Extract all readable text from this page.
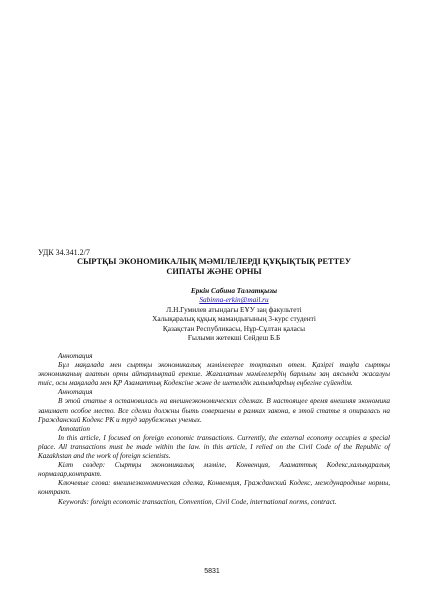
УДК 34.341.2/7
СЫРТҚЫ ЭКОНОМИКАЛЫҚ МӘМІЛЕЛЕРДІ ҚҰҚЫҚТЫҚ РЕТТЕУ
СИПАТЫ ЖӘНЕ ОРНЫ
Еркін Сабина Талғатқызы
Sabinna-erkin@mail.ru
Л.Н.Гумилев атындағы ЕҰУ заң факультеті
Халықаралық құқық мамандығының 3-курс студенті
Қазақстан Республикасы, Нұр-Сұлтан қаласы
Ғылыми жетекші Сейдеш Б.Б
Аннотация

Бұл мақалада мен сыртқы экономикалық мәмілелерге тоқталып өтем. Қазіргі таңда сыртқы экономиканың алатын орны айтарлықтай ерекше. Жағалатын мәмілелердің барлығы заң аясында жасалуы тиіс, осы мақалада мен ҚР Азаматтық Кодексіне және де шетелдік ғалымдардың еңбегіне сүйендім.

Аннотация

В этой статье я остановилась на внешнеэкономических сделках. В настоящее время внешняя экономика занимает особое место. Все сделки должны быть совершены в рамках закона, в этой статье я опиралась на Гражданский Кодекс РК и труд зарубежных ученых.

Annotation

In this article, I focused on foreign economic transactions. Currently, the external economy occupies a special place. All transactions must be made within the law. in this article, I relied on the Civil Code of the Republic of Kazakhstan and the work of foreign scientists.

Кілт сөздер: Сыртқы экономикалық мәміле, Конвенция, Азаматтық Кодекс,халықаралық нормалар,контракт.

Ключевые слова: внешнеэкономическая сделка, Конвенция, Гражданский Кодекс, международные нормы, контракт.

Keywords: foreign economic transaction, Convention, Civil Code, international norms, contract.

5831
